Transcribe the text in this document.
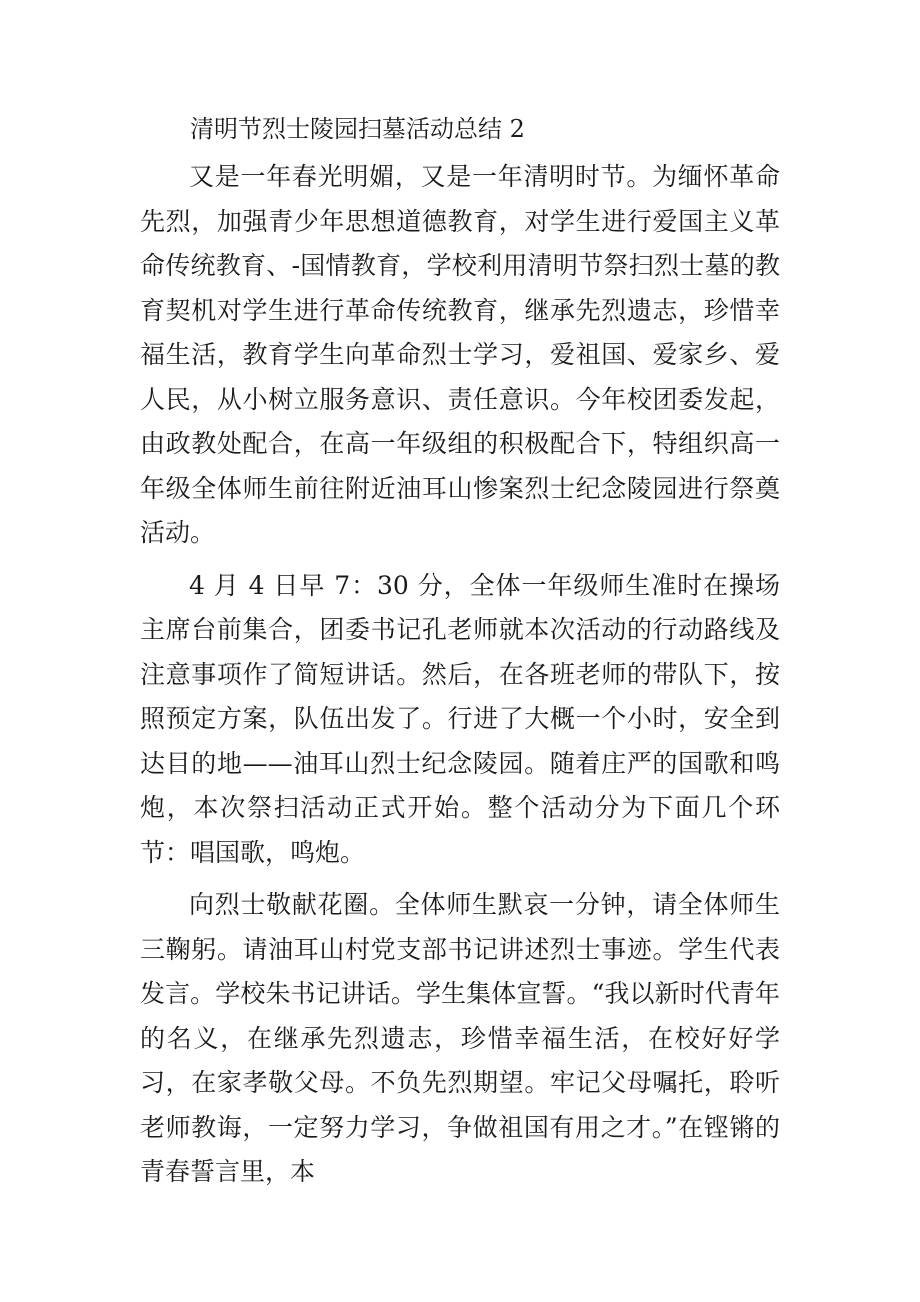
清明节烈士陵园扫墓活动总结 2

又是一年春光明媚，又是一年清明时节。为缅怀革命先烈，加强青少年思想道德教育，对学生进行爱国主义革命传统教育、-国情教育，学校利用清明节祭扫烈士墓的教育契机对学生进行革命传统教育，继承先烈遗志，珍惜幸福生活，教育学生向革命烈士学习，爱祖国、爱家乡、爱人民，从小树立服务意识、责任意识。今年校团委发起，由政教处配合，在高一年级组的积极配合下，特组织高一年级全体师生前往附近油耳山惨案烈士纪念陵园进行祭奠活动。

4 月 4 日早 7：30 分，全体一年级师生准时在操场主席台前集合，团委书记孔老师就本次活动的行动路线及注意事项作了简短讲话。然后，在各班老师的带队下，按照预定方案，队伍出发了。行进了大概一个小时，安全到达目的地——油耳山烈士纪念陵园。随着庄严的国歌和鸣炮，本次祭扫活动正式开始。整个活动分为下面几个环节：唱国歌，鸣炮。

向烈士敬献花圈。全体师生默哀一分钟，请全体师生三鞠躬。请油耳山村党支部书记讲述烈士事迹。学生代表发言。学校朱书记讲话。学生集体宣誓。“我以新时代青年的名义，在继承先烈遗志，珍惜幸福生活，在校好好学习，在家孝敬父母。不负先烈期望。牢记父母嘱托，聆听老师教诲，一定努力学习，争做祖国有用之才。”在铿锵的青春誓言里，本
